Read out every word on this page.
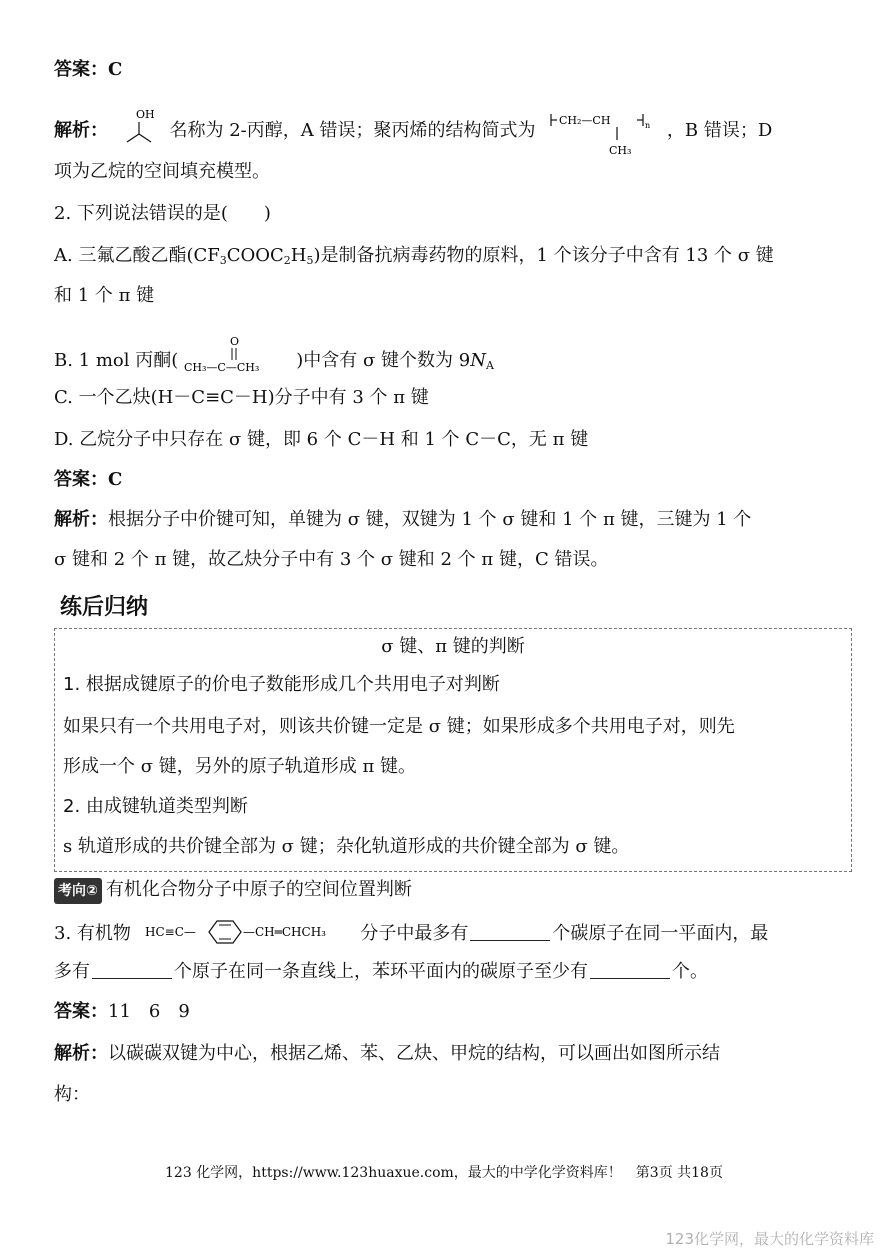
答案：C
解析：
OH
名称为 2-丙醇，A 错误；聚丙烯的结构简式为 CH₂—CH	n
CH₃
，B 错误；D
项为乙烷的空间填充模型。
2. 下列说法错误的是(　　)
A. 三氟乙酸乙酯$(CF_3COOC_2H_5)$是制备抗病毒药物的原料，1 个该分子中含有 13 个 σ 键
和 1 个 π 键
B. 1 mol 丙酮(
O
CH₃—C—CH₃ )中含有 σ 键个数为 $9N_A$
C. 一个乙炔(H－C≡C－H)分子中有 3 个 π 键
D. 乙烷分子中只存在 σ 键，即 6 个 C－H 和 1 个 C－C，无 π 键
答案：C
解析：根据分子中价键可知，单键为 σ 键，双键为 1 个 σ 键和 1 个 π 键，三键为 1 个
σ 键和 2 个 π 键，故乙炔分子中有 3 个 σ 键和 2 个 π 键，C 错误。
练后归纳
σ 键、π 键的判断
1. 根据成键原子的价电子数能形成几个共用电子对判断
如果只有一个共用电子对，则该共价键一定是 σ 键；如果形成多个共用电子对，则先
形成一个 σ 键，另外的原子轨道形成 π 键。
2. 由成键轨道类型判断
s 轨道形成的共价键全部为 σ 键；杂化轨道形成的共价键全部为 σ 键。
考向② 有机化合物分子中原子的空间位置判断
3. 有机物 HC≡C—	—CH═CHCH₃ 分子中最多有	个碳原子在同一平面内，最
多有	个原子在同一条直线上，苯环平面内的碳原子至少有	个。
答案：11　6　9
解析：以碳碳双键为中心，根据乙烯、苯、乙炔、甲烷的结构，可以画出如图所示结
构：
123 化学网，https://www.123huaxue.com，最大的中学化学资料库！　第3页 共18页
123化学网，最大的化学资料库
